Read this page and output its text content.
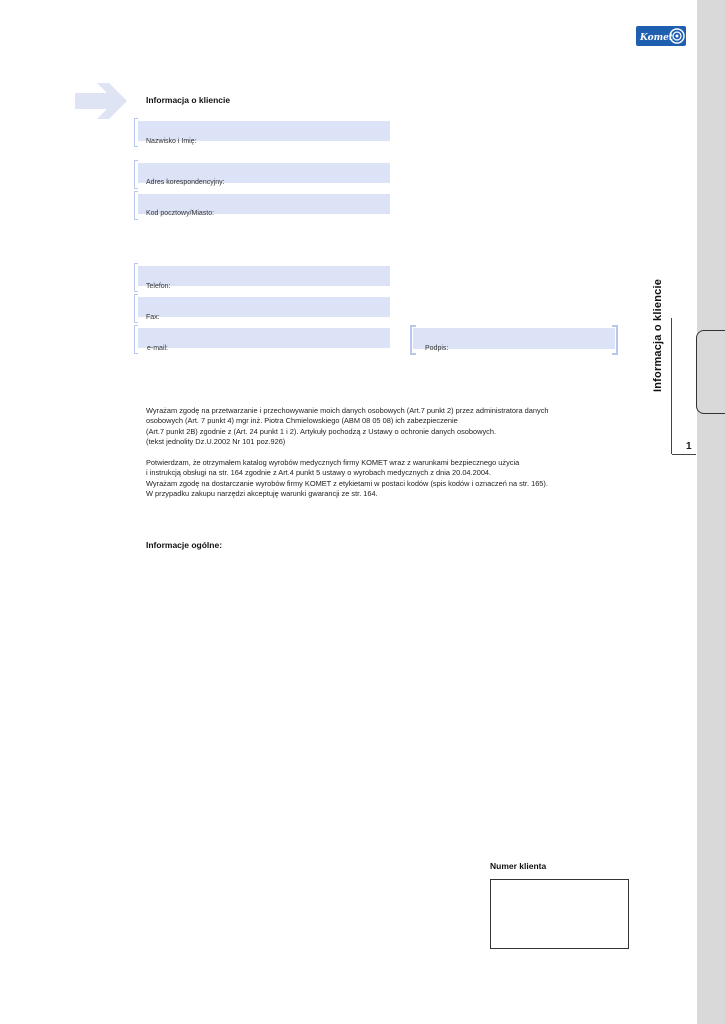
Informacja o kliencie
1
Komet
Informacja o kliencie
Nazwisko i Imię:
Adres korespondencyjny:
Kod pocztowy/Miasto:
Telefon:
Fax:
e-mail:	Podpis:

Wyrażam zgodę na przetwarzanie i przechowywanie moich danych osobowych (Art.7 punkt 2) przez administratora danych
osobowych (Art. 7 punkt 4) mgr inż. Piotra Chmielowskiego (ABM 08 05 08) ich zabezpieczenie
(Art.7 punkt 2B) zgodnie z (Art. 24 punkt 1 i 2). Artykuły pochodzą z Ustawy o ochronie danych osobowych.
(tekst jednolity Dz.U.2002 Nr 101 poz.926)

Potwierdzam, że otrzymałem katalog wyrobów medycznych firmy KOMET wraz z warunkami bezpiecznego użycia
i instrukcją obsługi na str. 164 zgodnie z Art.4 punkt 5 ustawy o wyrobach medycznych z dnia 20.04.2004.
Wyrażam zgodę na dostarczanie wyrobów firmy KOMET z etykietami w postaci kodów (spis kodów i oznaczeń na str. 165).
W przypadku zakupu narzędzi akceptuję warunki gwarancji ze str. 164.

Informacje ogólne:
Numer klienta
